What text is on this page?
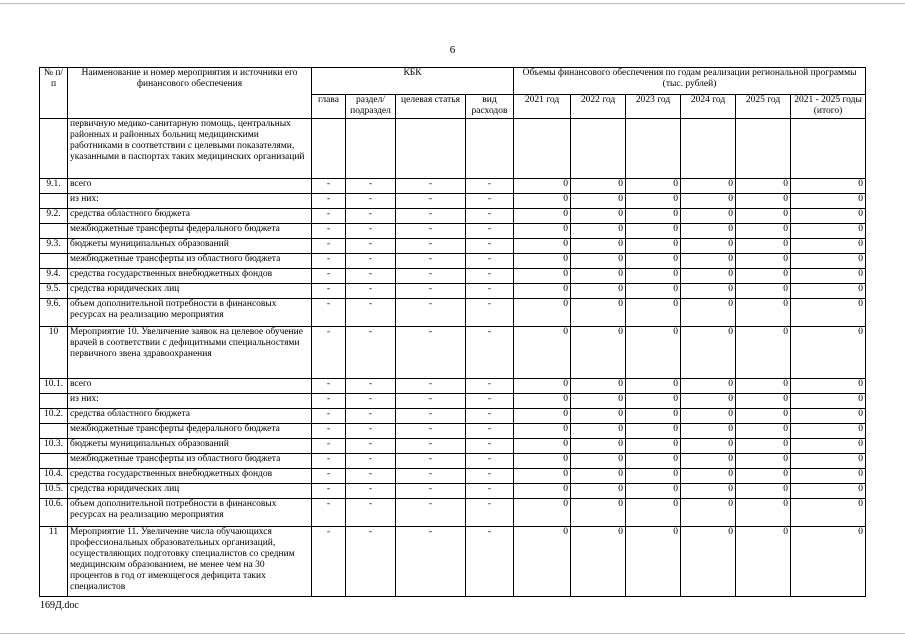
6
№ п/п	Наименование и номер мероприятия и источники его финансового обеспечения	КБК				Объемы финансового обеспечения по годам реализации региональной программы (тыс. рублей)					
		глава	раздел/ подраздел	целевая статья	вид расходов	2021 год	2022 год	2023 год	2024 год	2025 год	2021 - 2025 годы (итого)
	первичную медико-санитарную помощь, центральных районных и районных больниц медицинскими работниками в соответствии с целевыми показателями, указанными в паспортах таких медицинских организаций										
9.1.	всего	-	-	-	-	0	0	0	0	0	0
	из них:	-	-	-	-	0	0	0	0	0	0
9.2.	средства областного бюджета	-	-	-	-	0	0	0	0	0	0
	межбюджетные трансферты федерального бюджета	-	-	-	-	0	0	0	0	0	0
9.3.	бюджеты муниципальных образований	-	-	-	-	0	0	0	0	0	0
	межбюджетные трансферты из областного бюджета	-	-	-	-	0	0	0	0	0	0
9.4.	средства государственных внебюджетных фондов	-	-	-	-	0	0	0	0	0	0
9.5.	средства юридических лиц	-	-	-	-	0	0	0	0	0	0
9.6.	объем дополнительной потребности в финансовых ресурсах на реализацию мероприятия	-	-	-	-	0	0	0	0	0	0
10	Мероприятие 10. Увеличение заявок на целевое обучение врачей в соответствии с дефицитными специальностями первичного звена здравоохранения	-	-	-	-	0	0	0	0	0	0
10.1.	всего	-	-	-	-	0	0	0	0	0	0
	из них:	-	-	-	-	0	0	0	0	0	0
10.2.	средства областного бюджета	-	-	-	-	0	0	0	0	0	0
	межбюджетные трансферты федерального бюджета	-	-	-	-	0	0	0	0	0	0
10.3.	бюджеты муниципальных образований	-	-	-	-	0	0	0	0	0	0
	межбюджетные трансферты из областного бюджета	-	-	-	-	0	0	0	0	0	0
10.4.	средства государственных внебюджетных фондов	-	-	-	-	0	0	0	0	0	0
10.5.	средства юридических лиц	-	-	-	-	0	0	0	0	0	0
10.6.	объем дополнительной потребности в финансовых ресурсах на реализацию мероприятия	-	-	-	-	0	0	0	0	0	0
11	Мероприятие 11. Увеличение числа обучающихся профессиональных образовательных организаций, осуществляющих подготовку специалистов со средним медицинским образованием, не менее чем на 30 процентов в год от имеющегося дефицита таких специалистов	-	-	-	-	0	0	0	0	0	0
169Д.doc
